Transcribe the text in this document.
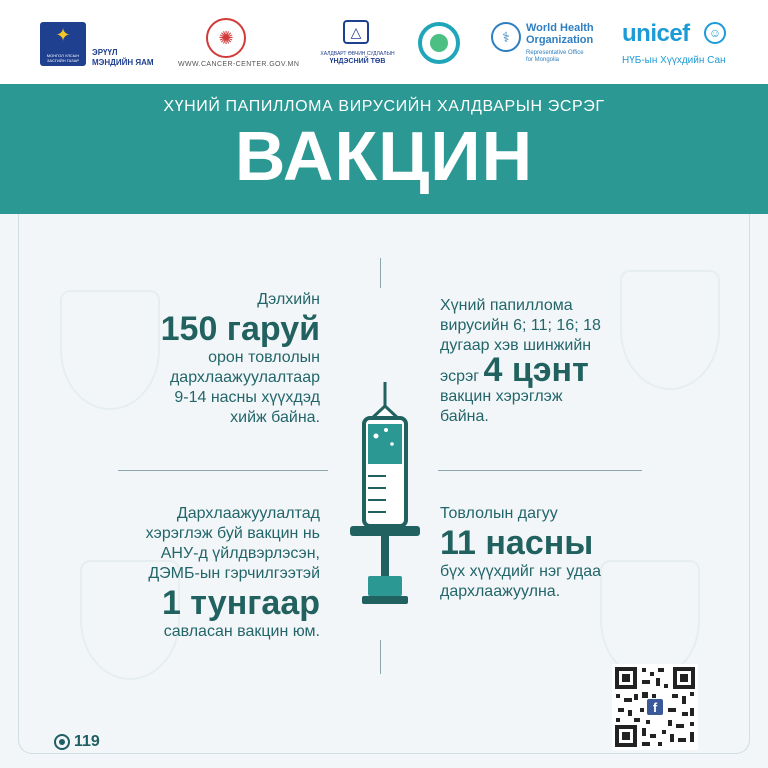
✦
МОНГОЛ УЛСЫН ЗАСГИЙН ГАЗАР
ЭРҮҮЛ
МЭНДИЙН ЯАМ
✺
WWW.CANCER-CENTER.GOV.MN
△
ХАЛДВАРТ ӨВЧИН СУДЛАЛЫН
ҮНДЭСНИЙ ТӨВ
⚕
World Health
Organization
Representative Office
for Mongolia
unicef	☺
НҮБ-ын Хүүхдийн Сан
ХҮНИЙ ПАПИЛЛОМА ВИРУСИЙН ХАЛДВАРЫН ЭСРЭГ
ВАКЦИН
Дэлхийн
150 гаруй
орон товлолын
дархлаажуулалтаар
9-14 насны хүүхдэд
хийж байна.
Хүний папиллома
вирусийн 6; 11; 16; 18
дугаар хэв шинжийн
эсрэг 4 цэнт
вакцин хэрэглэж
байна.
Дархлаажуулалтад
хэрэглэж буй вакцин нь
АНУ-д үйлдвэрлэсэн,
ДЭМБ-ын гэрчилгээтэй
1 тунгаар
савласан вакцин юм.
Товлолын дагуу
11 насны
бүх хүүхдийг нэг удаа
дархлаажуулна.
119
f
